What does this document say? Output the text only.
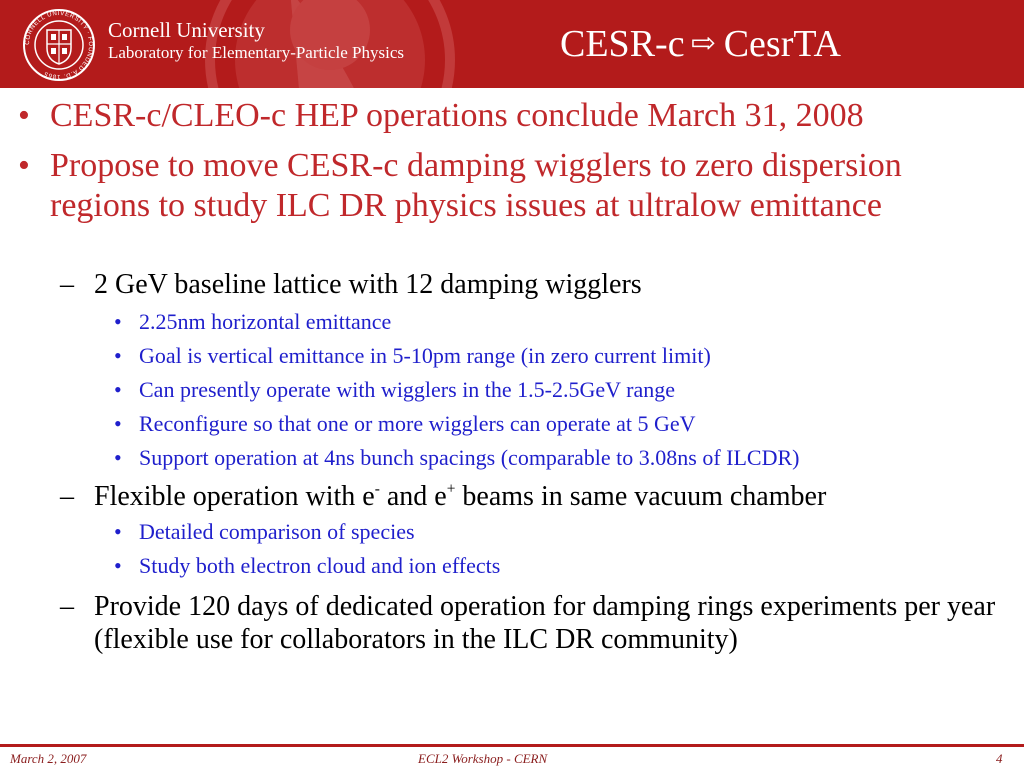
CORNELL UNIVERSITY · FOUNDED A.D. 1865
Cornell University
Laboratory for Elementary-Particle Physics	CESR-c ⇨ CesrTA
• CESR-c/CLEO-c HEP operations conclude March 31, 2008
• Propose to move CESR-c damping wigglers to zero dispersion regions to study ILC DR physics issues at ultralow emittance
– 2 GeV baseline lattice with 12 damping wigglers
• 2.25nm horizontal emittance
• Goal is vertical emittance in 5-10pm range (in zero current limit)
• Can presently operate with wigglers in the 1.5-2.5GeV range
• Reconfigure so that one or more wigglers can operate at 5 GeV
• Support operation at 4ns bunch spacings (comparable to 3.08ns of ILCDR)
– Flexible operation with e- and e+ beams in same vacuum chamber
• Detailed comparison of species
• Study both electron cloud and ion effects
– Provide 120 days of dedicated operation for damping rings experiments per year (flexible use for collaborators in the ILC DR community)
March 2, 2007	ECL2 Workshop - CERN	4
